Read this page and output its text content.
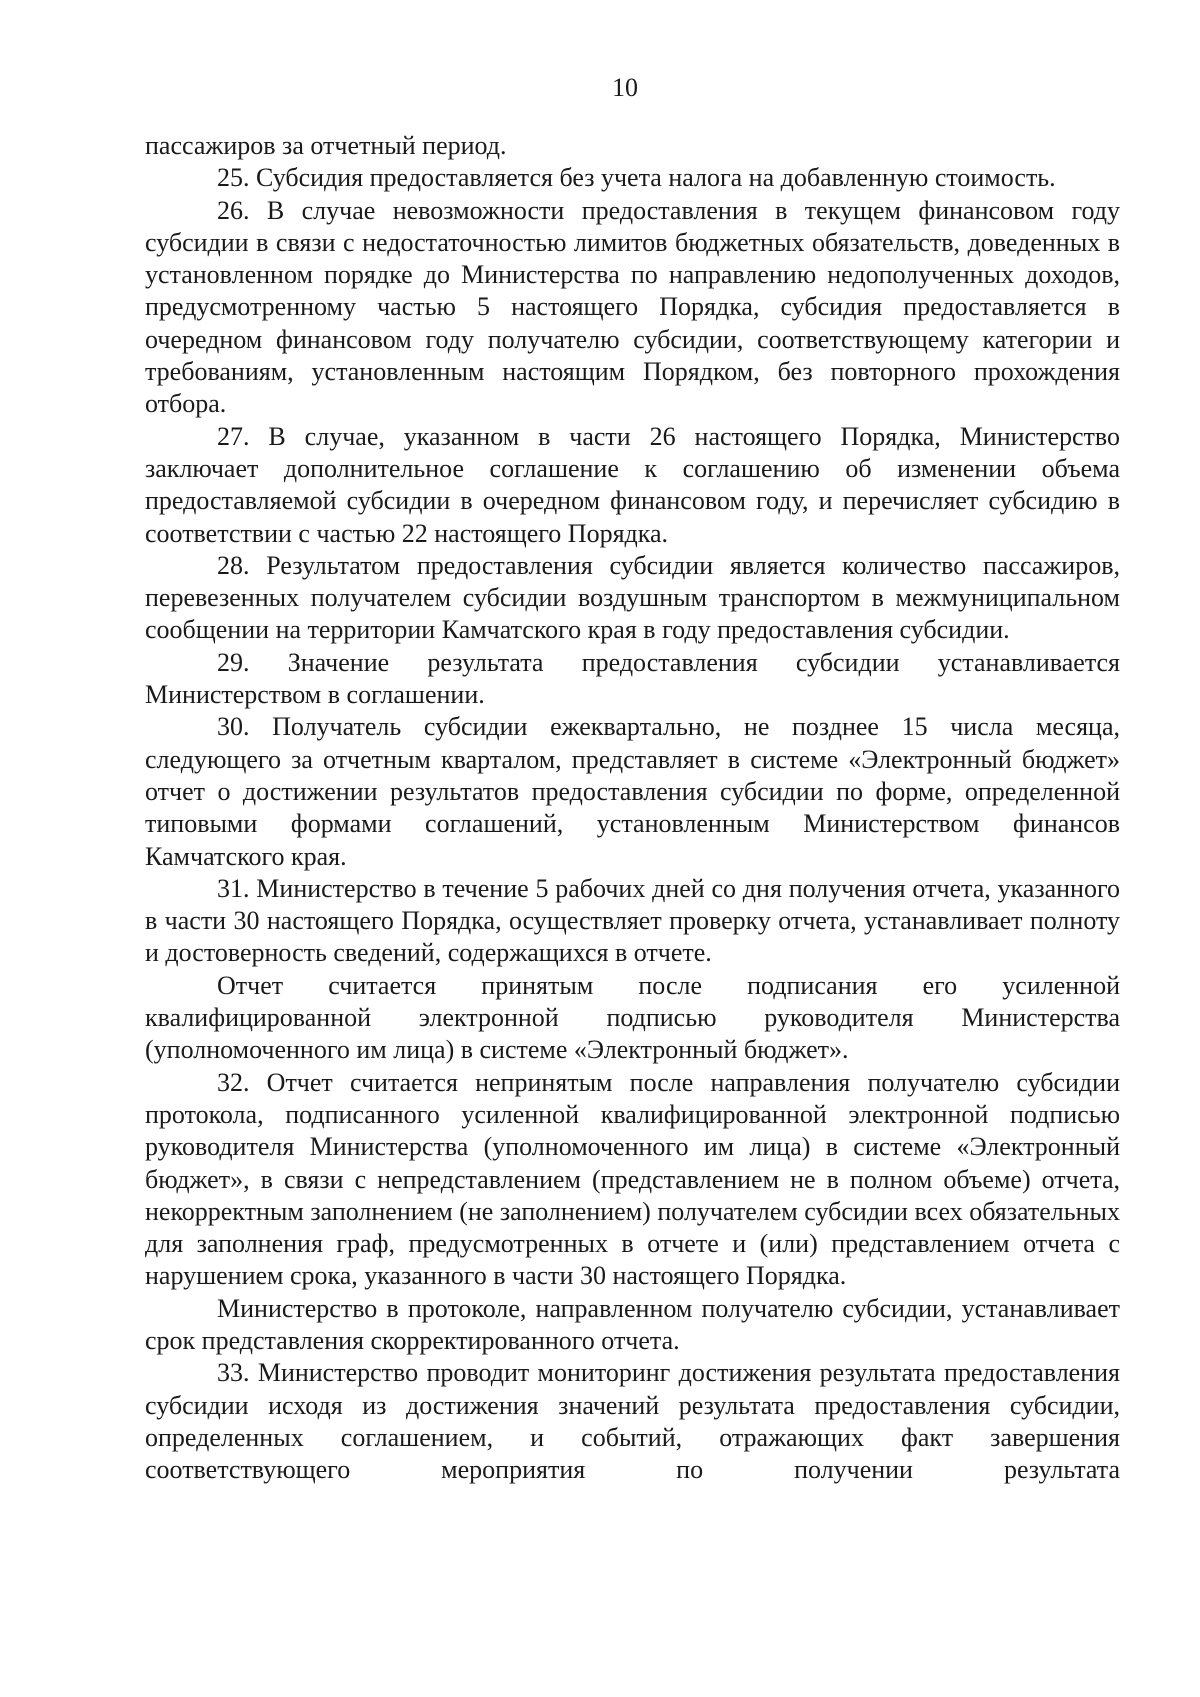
10

пассажиров за отчетный период.

25. Субсидия предоставляется без учета налога на добавленную стоимость.

26. В случае невозможности предоставления в текущем финансовом году субсидии в связи с недостаточностью лимитов бюджетных обязательств, доведенных в установленном порядке до Министерства по направлению недополученных доходов, предусмотренному частью 5 настоящего Порядка, субсидия предоставляется в очередном финансовом году получателю субсидии, соответствующему категории и требованиям, установленным настоящим Порядком, без повторного прохождения отбора.

27. В случае, указанном в части 26 настоящего Порядка, Министерство заключает дополнительное соглашение к соглашению об изменении объема предоставляемой субсидии в очередном финансовом году, и перечисляет субсидию в соответствии с частью 22 настоящего Порядка.

28. Результатом предоставления субсидии является количество пассажиров, перевезенных получателем субсидии воздушным транспортом в межмуниципальном сообщении на территории Камчатского края в году предоставления субсидии.

29. Значение результата предоставления субсидии устанавливается Министерством в соглашении.

30. Получатель субсидии ежеквартально, не позднее 15 числа месяца, следующего за отчетным кварталом, представляет в системе «Электронный бюджет» отчет о достижении результатов предоставления субсидии по форме, определенной типовыми формами соглашений, установленным Министерством финансов Камчатского края.

31. Министерство в течение 5 рабочих дней со дня получения отчета, указанного в части 30 настоящего Порядка, осуществляет проверку отчета, устанавливает полноту и достоверность сведений, содержащихся в отчете.

Отчет считается принятым после подписания его усиленной квалифицированной электронной подписью руководителя Министерства (уполномоченного им лица) в системе «Электронный бюджет».

32. Отчет считается непринятым после направления получателю субсидии протокола, подписанного усиленной квалифицированной электронной подписью руководителя Министерства (уполномоченного им лица) в системе «Электронный бюджет», в связи с непредставлением (представлением не в полном объеме) отчета, некорректным заполнением (не заполнением) получателем субсидии всех обязательных для заполнения граф, предусмотренных в отчете и (или) представлением отчета с нарушением срока, указанного в части 30 настоящего Порядка.

Министерство в протоколе, направленном получателю субсидии, устанавливает срок представления скорректированного отчета.

33. Министерство проводит мониторинг достижения результата предоставления субсидии исходя из достижения значений результата предоставления субсидии, определенных соглашением, и событий, отражающих факт завершения соответствующего мероприятия по получении результата
